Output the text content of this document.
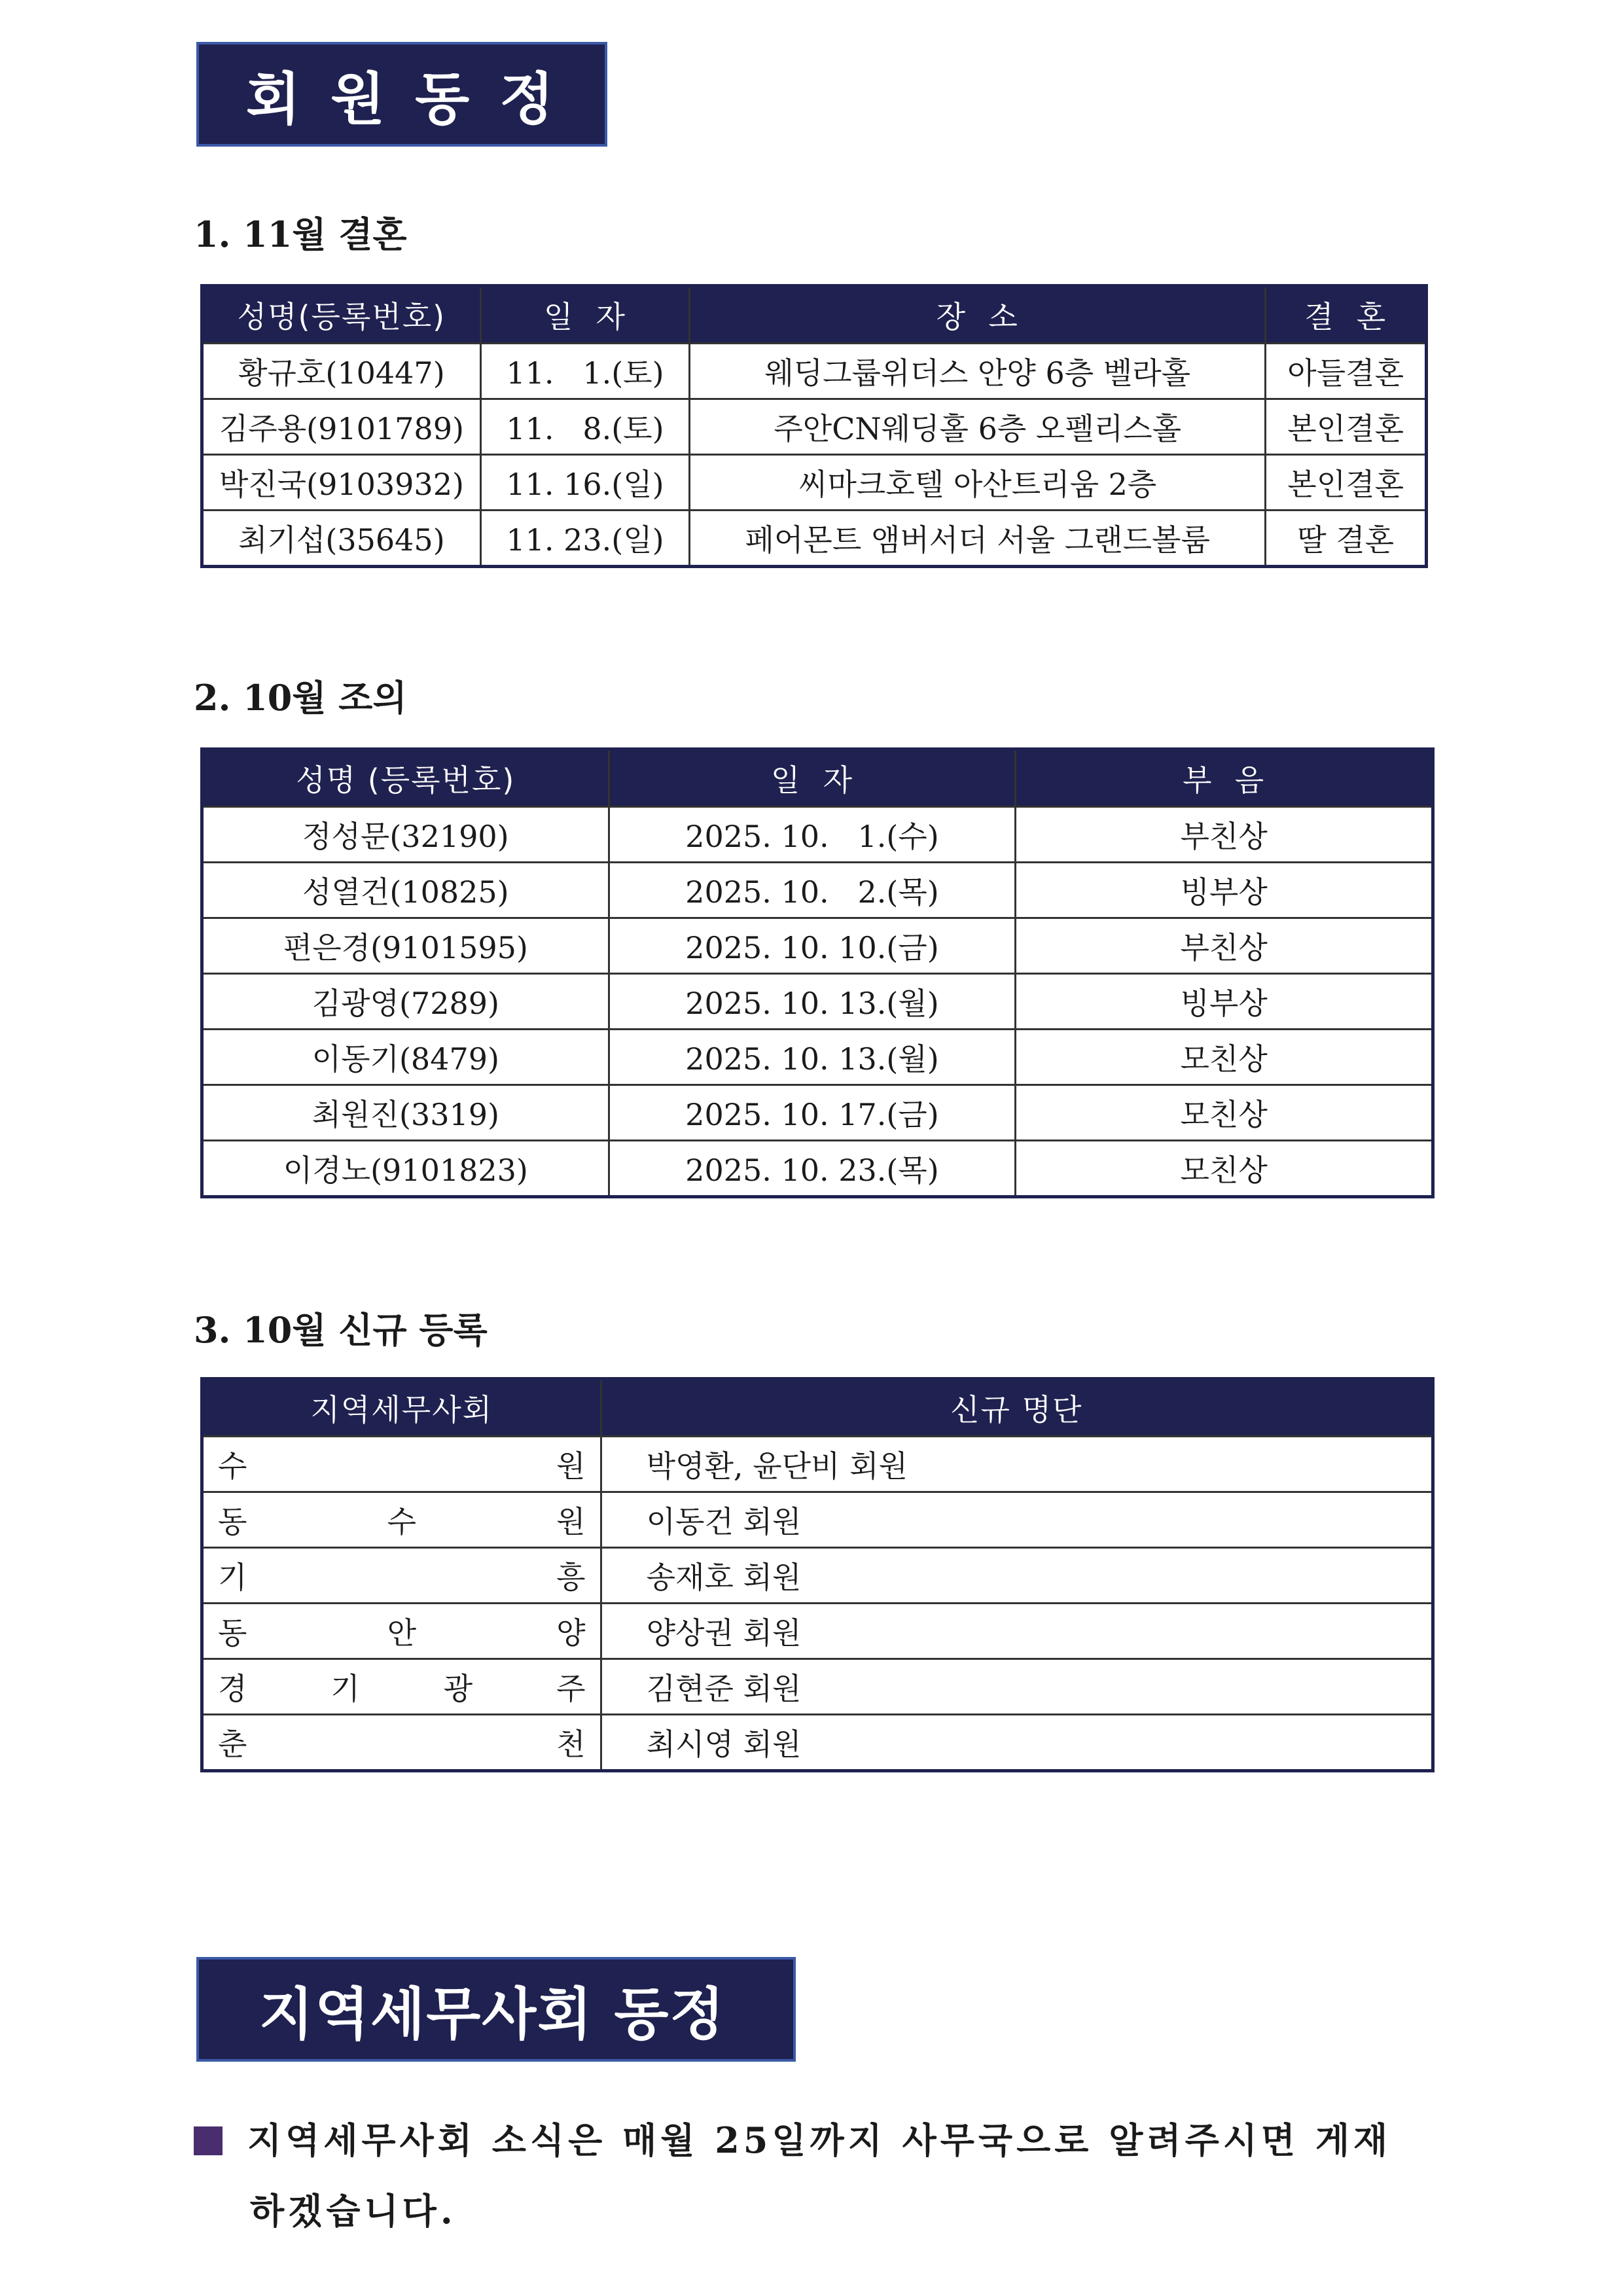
회원동정
1. 11월 결혼
성명(등록번호)	일  자	장  소	결  혼
황규호(10447)	11.   1.(토)	웨딩그룹위더스 안양 6층 벨라홀	아들결혼
김주용(9101789)	11.   8.(토)	주안CN웨딩홀 6층 오펠리스홀	본인결혼
박진국(9103932)	11. 16.(일)	씨마크호텔 아산트리움 2층	본인결혼
최기섭(35645)	11. 23.(일)	페어몬트 앰버서더 서울 그랜드볼룸	딸 결혼
2. 10월 조의
성명 (등록번호)	일  자	부  음
정성문(32190)	2025. 10.   1.(수)	부친상
성열건(10825)	2025. 10.   2.(목)	빙부상
편은경(9101595)	2025. 10. 10.(금)	부친상
김광영(7289)	2025. 10. 13.(월)	빙부상
이동기(8479)	2025. 10. 13.(월)	모친상
최원진(3319)	2025. 10. 17.(금)	모친상
이경노(9101823)	2025. 10. 23.(목)	모친상
3. 10월 신규 등록
지역세무사회	신규 명단

수 원	박영환, 윤단비 회원

동 수 원	이동건 회원

기 흥	송재호 회원

동 안 양	양상권 회원

경 기 광 주	김현준 회원

춘 천	최시영 회원
지역세무사회 동정
지역세무사회 소식은 매월 25일까지 사무국으로 알려주시면 게재
하겠습니다.
